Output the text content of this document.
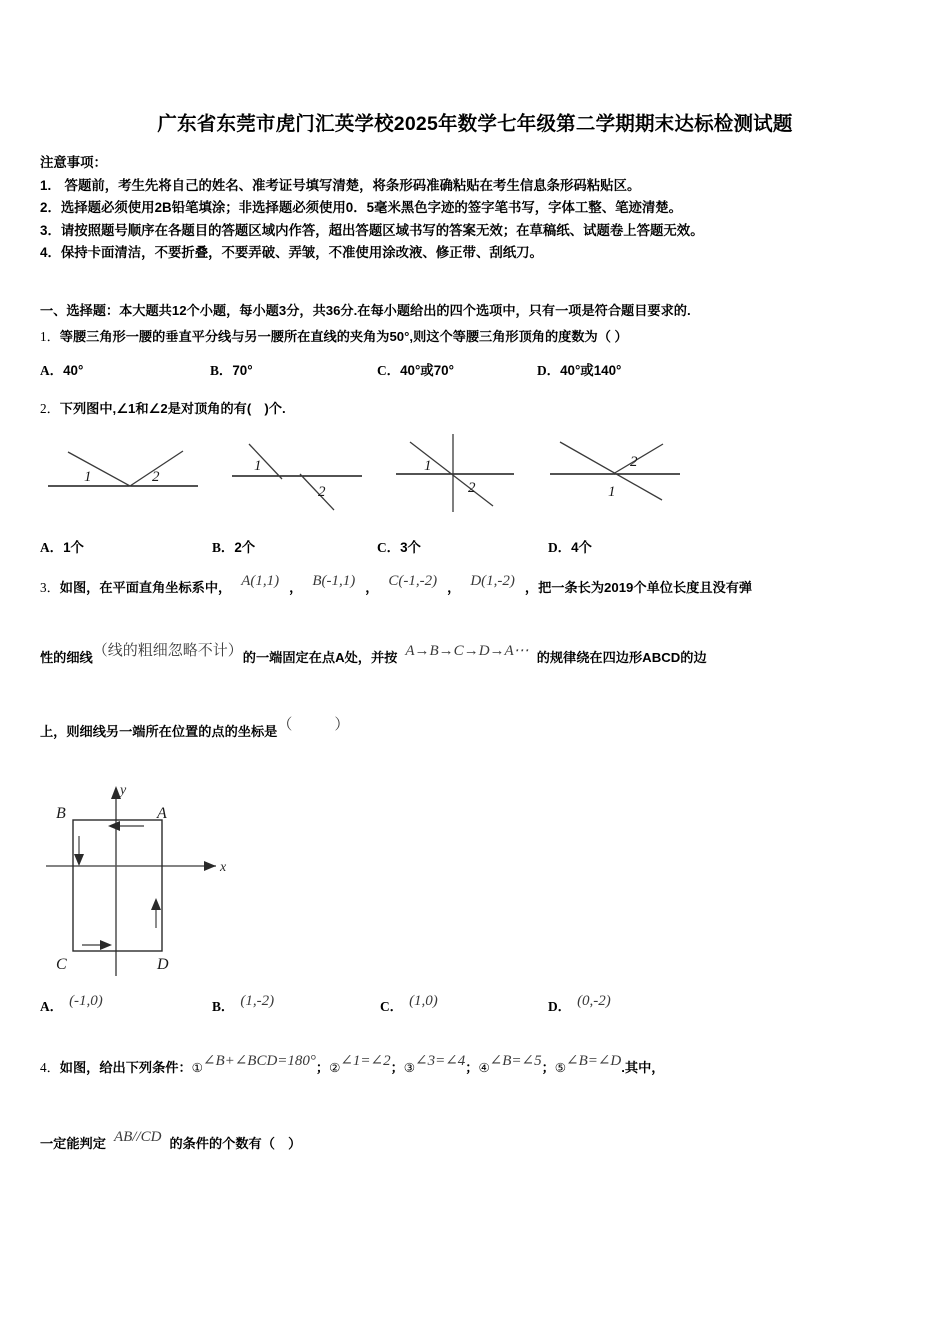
广东省东莞市虎门汇英学校2025年数学七年级第二学期期末达标检测试题
注意事项：
1.　答题前，考生先将自己的姓名、准考证号填写清楚，将条形码准确粘贴在考生信息条形码粘贴区。
2．选择题必须使用2B铅笔填涂；非选择题必须使用0．5毫米黑色字迹的签字笔书写，字体工整、笔迹清楚。
3．请按照题号顺序在各题目的答题区域内作答，超出答题区域书写的答案无效；在草稿纸、试题卷上答题无效。
4．保持卡面清洁，不要折叠，不要弄破、弄皱，不准使用涂改液、修正带、刮纸刀。
一、选择题：本大题共12个小题，每小题3分，共36分.在每小题给出的四个选项中，只有一项是符合题目要求的.
1．等腰三角形一腰的垂直平分线与另一腰所在直线的夹角为50°,则这个等腰三角形顶角的度数为（ ）
A．40°	B．70°	C．40°或70°	D．40°或140°
2．下列图中,∠1和∠2是对顶角的有(　)个.
1	2
1
2
1
2
2
1
A．1个	B．2个	C．3个	D．4个
3．如图，在平面直角坐标系中， A(1,1) ， B(-1,1) ， C(-1,-2) ， D(1,-2) ，把一条长为2019个单位长度且没有弹
性的细线（线的粗细忽略不计）的一端固定在点A处，并按 A→B→C→D→A⋯ 的规律绕在四边形ABCD的边
上，则细线另一端所在位置的点的坐标是（　　）
x
y
B	A
C	D
A． (-1,0)	B． (1,-2)	C． (1,0)	D． (0,-2)
4．如图，给出下列条件：①∠B+∠BCD=180°；②∠1=∠2；③∠3=∠4；④∠B=∠5；⑤∠B=∠D.其中，
一定能判定 AB//CD 的条件的个数有（　）
